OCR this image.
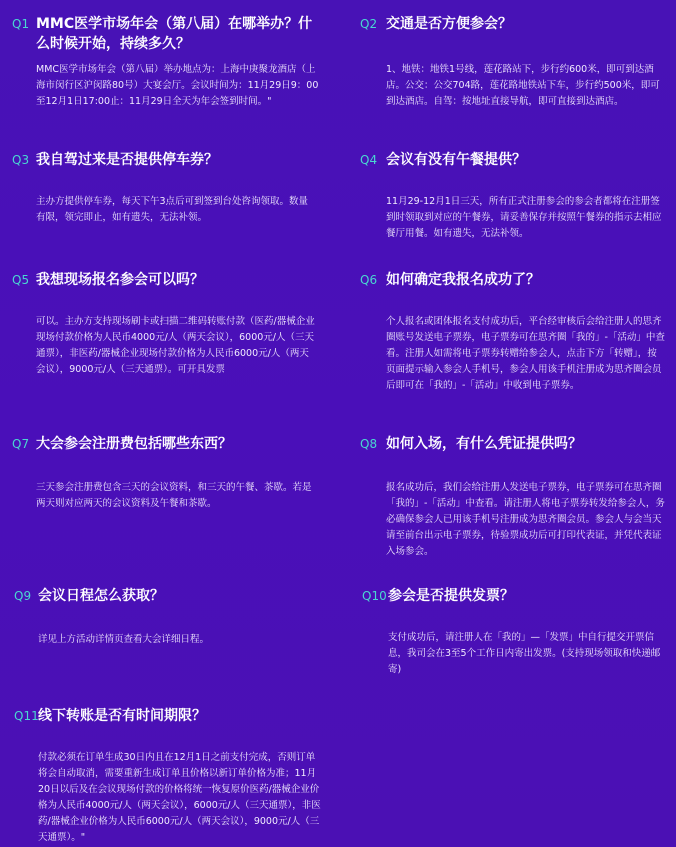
Q1 MMC医学市场年会（第八届）在哪举办？什么时候开始，持续多久？
MMC医学市场年会（第八届）举办地点为：上海中庚聚龙酒店（上海市闵行区沪闵路80号）大宴会厅。会议时间为：11月29日9：00至12月1日17:00止：11月29日全天为年会签到时间。"
Q2 交通是否方便参会？
1、地铁：地铁1号线，莲花路站下，步行约600米，即可到达酒店。公交：公交704路，莲花路地铁站下车，步行约500米，即可到达酒店。自驾：按地址直接导航，即可直接到达酒店。
Q3 我自驾过来是否提供停车券？
主办方提供停车券，每天下午3点后可到签到台处咨询领取。数量有限，领完即止，如有遗失，无法补领。
Q4 会议有没有午餐提供？
11月29-12月1日三天，所有正式注册参会的参会者都将在注册签到时领取到对应的午餐券，请妥善保存并按照午餐券的指示去相应餐厅用餐。如有遗失，无法补领。
Q5 我想现场报名参会可以吗？
可以。主办方支持现场刷卡或扫描二维码转账付款（医药/器械企业现场付款价格为人民币4000元/人（两天会议），6000元/人（三天通票），非医药/器械企业现场付款价格为人民币6000元/人（两天会议），9000元/人（三天通票）。可开具发票
Q6 如何确定我报名成功了？
个人报名或团体报名支付成功后，平台经审核后会给注册人的思齐圈账号发送电子票券，电子票券可在思齐圈「我的」-「活动」中查看。注册人如需将电子票券转赠给参会人，点击下方「转赠」，按页面提示输入参会人手机号，参会人用该手机注册成为思齐圈会员后即可在「我的」-「活动」中收到电子票券。
Q7 大会参会注册费包括哪些东西？
三天参会注册费包含三天的会议资料，和三天的午餐、茶歇。若是两天则对应两天的会议资料及午餐和茶歇。
Q8 如何入场，有什么凭证提供吗？
报名成功后，我们会给注册人发送电子票券，电子票券可在思齐圈「我的」-「活动」中查看。请注册人将电子票券转发给参会人，务必确保参会人已用该手机号注册成为思齐圈会员。参会人与会当天请至前台出示电子票券，待验票成功后可打印代表证，并凭代表证入场参会。
Q9 会议日程怎么获取？
详见上方活动详情页查看大会详细日程。
Q10 参会是否提供发票？
支付成功后，请注册人在「我的」—「发票」中自行提交开票信息，我司会在3至5个工作日内寄出发票。(支持现场领取和快递邮寄)
Q11 线下转账是否有时间期限？
付款必须在订单生成30日内且在12月1日之前支付完成，否则订单将会自动取消，需要重新生成订单且价格以新订单价格为准；11月20日以后及在会议现场付款的价格将统一恢复原价医药/器械企业价格为人民币4000元/人（两天会议），6000元/人（三天通票），非医药/器械企业价格为人民币6000元/人（两天会议），9000元/人（三天通票）。"
